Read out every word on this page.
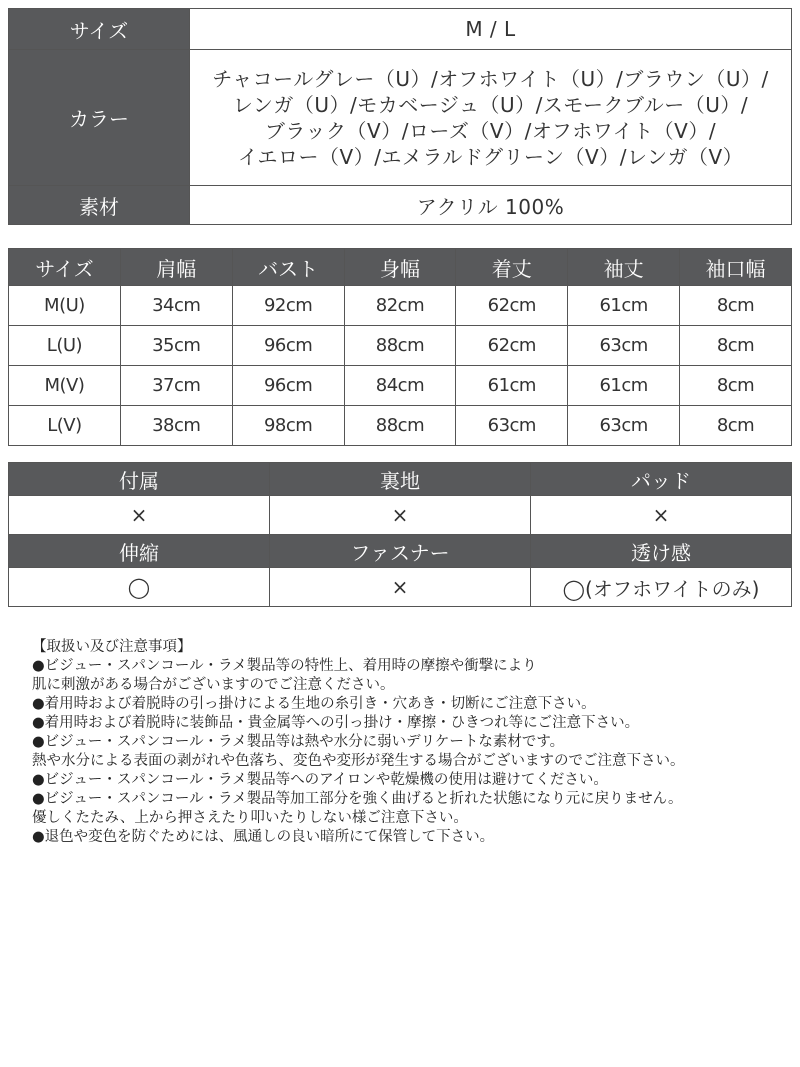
サイズ	M / L
カラー	チャコールグレー（U）/オフホワイト（U）/ブラウン（U）/
レンガ（U）/モカベージュ（U）/スモークブルー（U）/
ブラック（V）/ローズ（V）/オフホワイト（V）/
イエロー（V）/エメラルドグリーン（V）/レンガ（V）

素材	アクリル 100%
サイズ	肩幅	バスト	身幅	着丈	袖丈	袖口幅
M(U)	34cm	92cm	82cm	62cm	61cm	8cm
L(U)	35cm	96cm	88cm	62cm	63cm	8cm
M(V)	37cm	96cm	84cm	61cm	61cm	8cm
L(V)	38cm	98cm	88cm	63cm	63cm	8cm
付属	裏地	パッド
×	×	×
伸縮	ファスナー	透け感
◯	×	◯(オフホワイトのみ)
【取扱い及び注意事項】
●ビジュー・スパンコール・ラメ製品等の特性上、着用時の摩擦や衝撃により
肌に刺激がある場合がございますのでご注意ください。
●着用時および着脱時の引っ掛けによる生地の糸引き・穴あき・切断にご注意下さい。
●着用時および着脱時に装飾品・貴金属等への引っ掛け・摩擦・ひきつれ等にご注意下さい。
●ビジュー・スパンコール・ラメ製品等は熱や水分に弱いデリケートな素材です。
熱や水分による表面の剥がれや色落ち、変色や変形が発生する場合がございますのでご注意下さい。
●ビジュー・スパンコール・ラメ製品等へのアイロンや乾燥機の使用は避けてください。
●ビジュー・スパンコール・ラメ製品等加工部分を強く曲げると折れた状態になり元に戻りません。
優しくたたみ、上から押さえたり叩いたりしない様ご注意下さい。
●退色や変色を防ぐためには、風通しの良い暗所にて保管して下さい。
